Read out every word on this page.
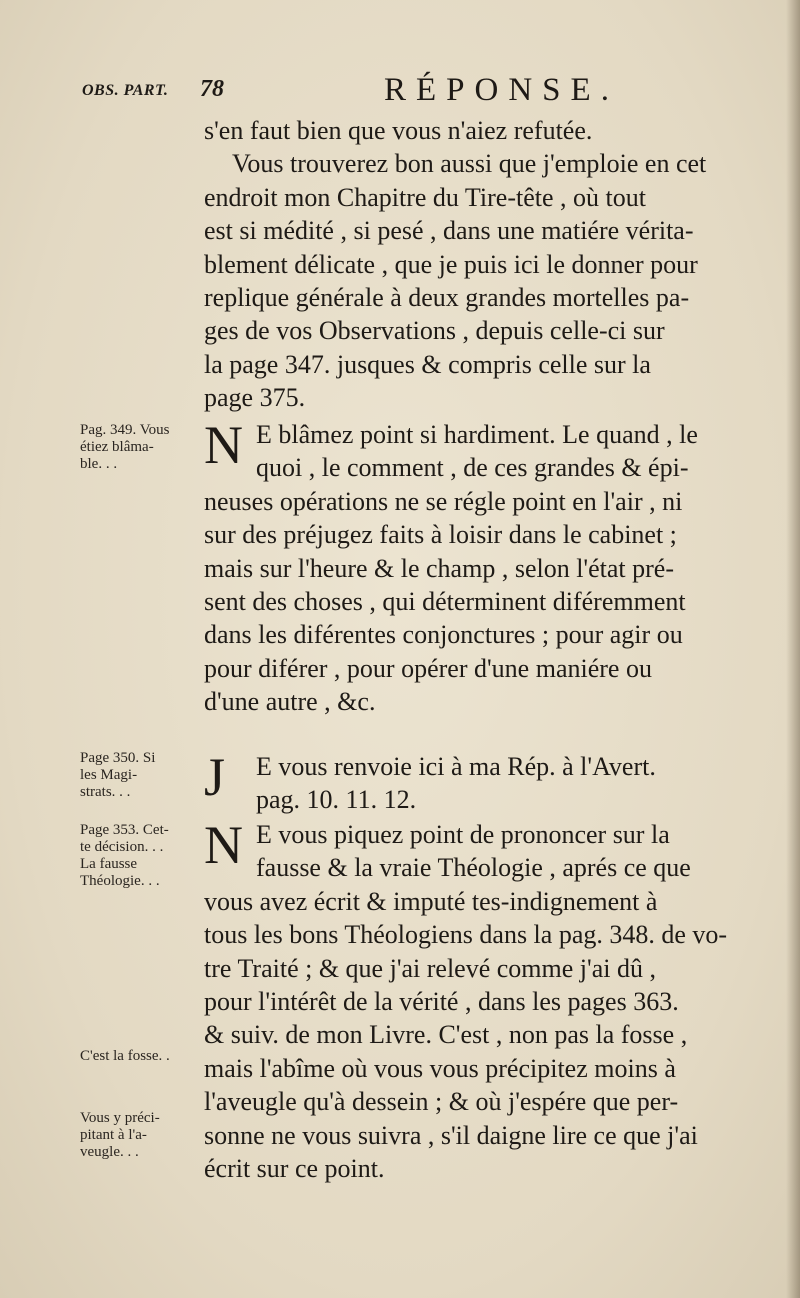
OBS. PART. 78	RÉPONSE.
s'en faut bien que vous n'aiez refutée.
Vous trouverez bon aussi que j'emploie en cet
endroit mon Chapitre du Tire-tête , où tout
est si médité , si pesé , dans une matiére vérita-
blement délicate , que je puis ici le donner pour
replique générale à deux grandes mortelles pa-
ges de vos Observations , depuis celle-ci sur
la page 347. jusques & compris celle sur la
page 375.
Pag. 349. Vous
étiez blâma-
ble. . .	N E blâmez point si hardiment. Le quand , le
quoi , le comment , de ces grandes & épi-
neuses opérations ne se régle point en l'air , ni
sur des préjugez faits à loisir dans le cabinet ;
mais sur l'heure & le champ , selon l'état pré-
sent des choses , qui déterminent diféremment
dans les diférentes conjonctures ; pour agir ou
pour diférer , pour opérer d'une maniére ou
d'une autre , &c.
Page 350. Si
les Magi-
strats. . .	J	E vous renvoie ici à ma Rép. à l'Avert.
pag. 10. 11. 12.
Page 353. Cet-
te décision. . .
La fausse
Théologie. . .
N E vous piquez point de prononcer sur la
fausse & la vraie Théologie , aprés ce que
vous avez écrit & imputé tes-indignement à
tous les bons Théologiens dans la pag. 348. de vo-
tre Traité ; & que j'ai relevé comme j'ai dû ,
pour l'intérêt de la vérité , dans les pages 363.
& suiv. de mon Livre. C'est , non pas la fosse ,
mais l'abîme où vous vous précipitez moins à
l'aveugle qu'à dessein ; & où j'espére que per-
sonne ne vous suivra , s'il daigne lire ce que j'ai
écrit sur ce point.
C'est la fosse. .
Vous y préci-
pitant à l'a-
veugle. . .
